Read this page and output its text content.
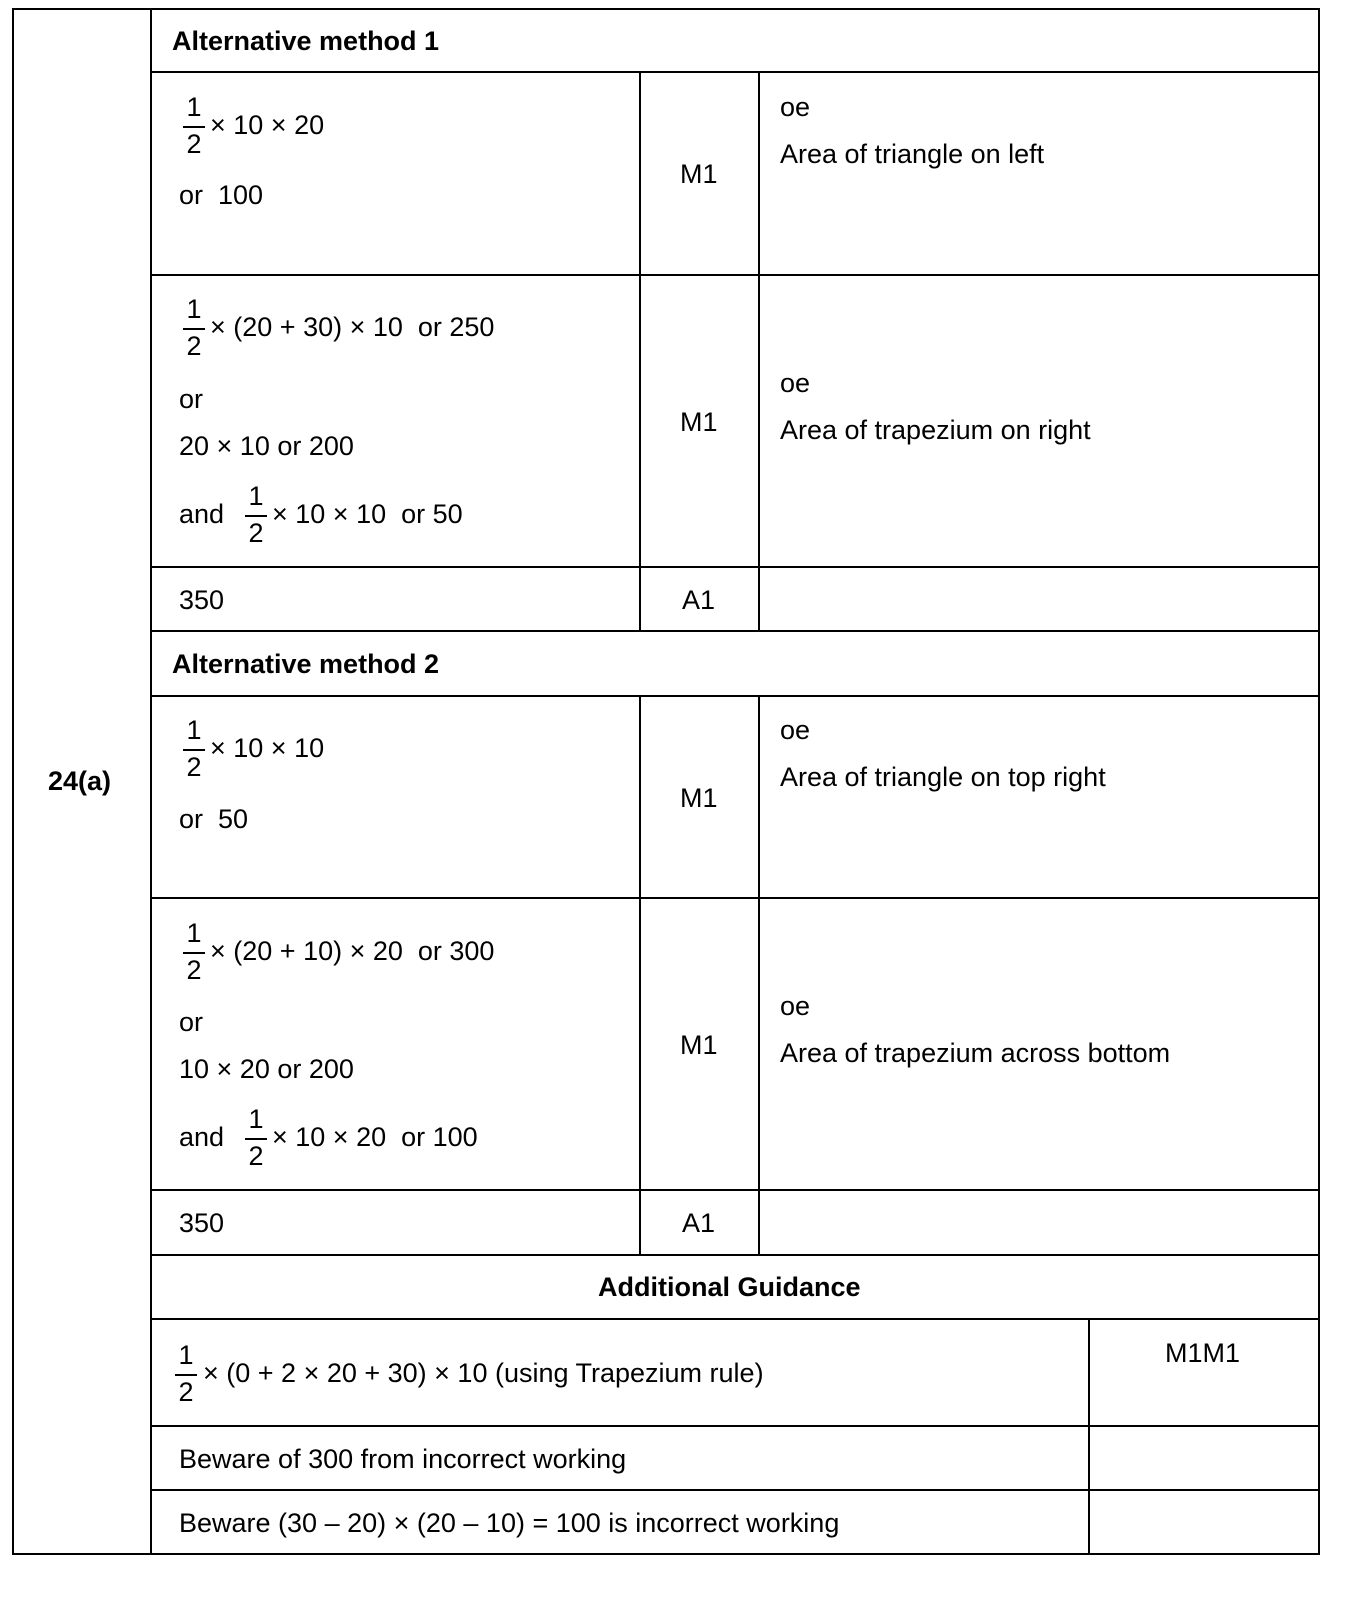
24(a)
Alternative method 1
1
2
× 10 × 20
or  100
M1
oe
Area of triangle on left
1
2
× (20 + 30) × 10  or 250
or
20 × 10 or 200
and
1
2
× 10 × 10  or 50
M1
oe
Area of trapezium on right
350	A1
Alternative method 2
1
2
× 10 × 10
or  50
M1
oe
Area of triangle on top right
1
2
× (20 + 10) × 20  or 300
or
10 × 20 or 200
and
1
2
× 10 × 20  or 100
M1
oe
Area of trapezium across bottom
350	A1
Additional Guidance
1
2
× (0 + 2 × 20 + 30) × 10 (using Trapezium rule)
M1M1
Beware of 300 from incorrect working
Beware (30 – 20) × (20 – 10) = 100 is incorrect working
